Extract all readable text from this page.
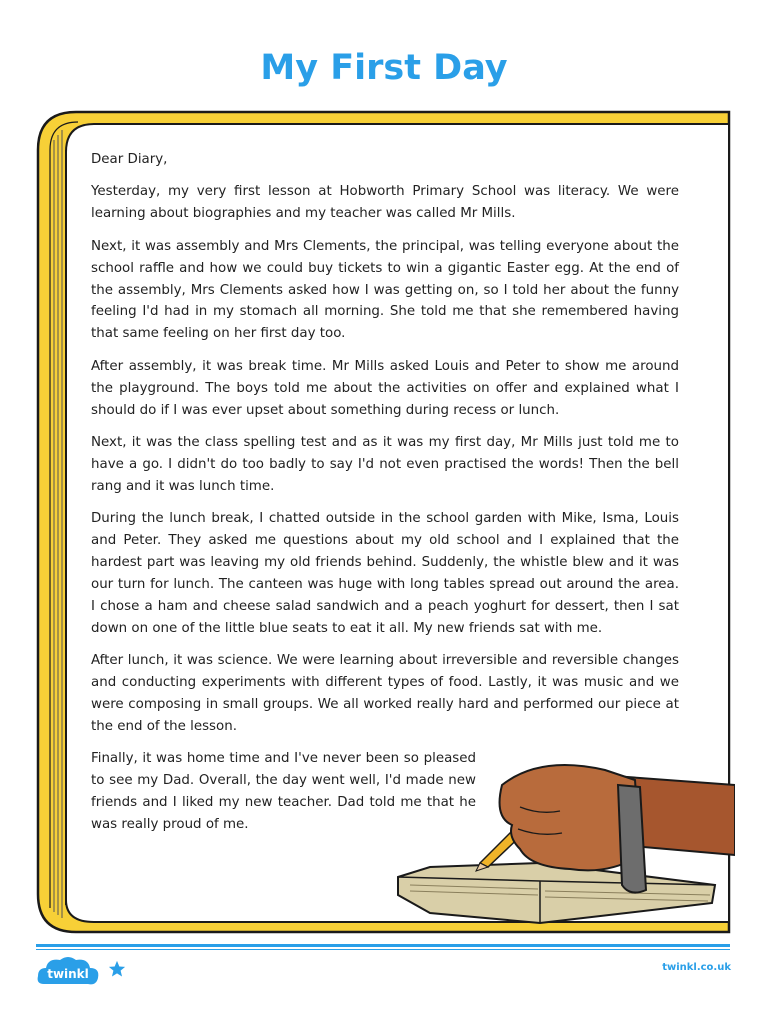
My First Day

Dear Diary,

Yesterday, my very first lesson at Hobworth Primary School was literacy. We were learning about biographies and my teacher was called Mr Mills.

Next, it was assembly and Mrs Clements, the principal, was telling everyone about the school raffle and how we could buy tickets to win a gigantic Easter egg. At the end of the assembly, Mrs Clements asked how I was getting on, so I told her about the funny feeling I'd had in my stomach all morning. She told me that she remembered having that same feeling on her first day too.

After assembly, it was break time. Mr Mills asked Louis and Peter to show me around the playground. The boys told me about the activities on offer and explained what I should do if I was ever upset about something during recess or lunch.

Next, it was the class spelling test and as it was my first day, Mr Mills just told me to have a go. I didn't do too badly to say I'd not even practised the words! Then the bell rang and it was lunch time.

During the lunch break, I chatted outside in the school garden with Mike, Isma, Louis and Peter. They asked me questions about my old school and I explained that the hardest part was leaving my old friends behind. Suddenly, the whistle blew and it was our turn for lunch. The canteen was huge with long tables spread out around the area. I chose a ham and cheese salad sandwich and a peach yoghurt for dessert, then I sat down on one of the little blue seats to eat it all. My new friends sat with me.

After lunch, it was science. We were learning about irreversible and reversible changes and conducting experiments with different types of food. Lastly, it was music and we were composing in small groups. We all worked really hard and performed our piece at the end of the lesson.

Finally, it was home time and I've never been so pleased to see my Dad. Overall, the day went well, I'd made new friends and I liked my new teacher. Dad told me that he was really proud of me.

twinkl	twinkl.co.uk
